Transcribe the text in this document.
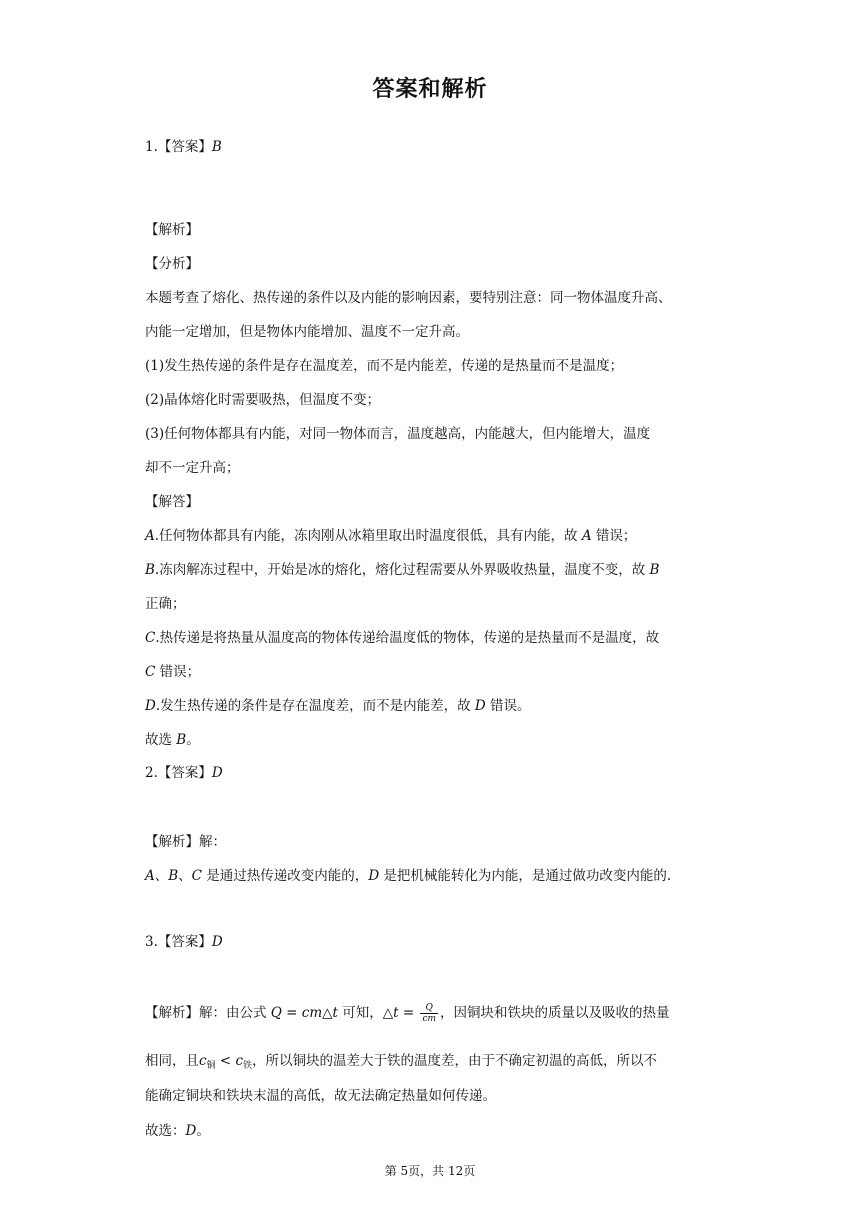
答案和解析
1.【答案】B
【解析】
【分析】
本题考查了熔化、热传递的条件以及内能的影响因素，要特别注意：同一物体温度升高、
内能一定增加，但是物体内能增加、温度不一定升高。
(1)发生热传递的条件是存在温度差，而不是内能差，传递的是热量而不是温度；
(2)晶体熔化时需要吸热，但温度不变；
(3)任何物体都具有内能，对同一物体而言，温度越高，内能越大，但内能增大，温度
却不一定升高；
【解答】
A.任何物体都具有内能，冻肉刚从冰箱里取出时温度很低，具有内能，故 A 错误；
B.冻肉解冻过程中，开始是冰的熔化，熔化过程需要从外界吸收热量，温度不变，故 B
正确；
C.热传递是将热量从温度高的物体传递给温度低的物体，传递的是热量而不是温度，故
C 错误；
D.发生热传递的条件是存在温度差，而不是内能差，故 D 错误。
故选 B。
2.【答案】D
【解析】解：
A、B、C 是通过热传递改变内能的，D 是把机械能转化为内能，是通过做功改变内能的.
3.【答案】D
【解析】解：由公式 Q = cm△t 可知，△t = $\frac{Q}{cm}$ ，因铜块和铁块的质量以及吸收的热量
相同，且$c_铜 < c_铁$，所以铜块的温差大于铁的温度差，由于不确定初温的高低，所以不
能确定铜块和铁块末温的高低，故无法确定热量如何传递。
故选：D。
第 5页，共 12页
